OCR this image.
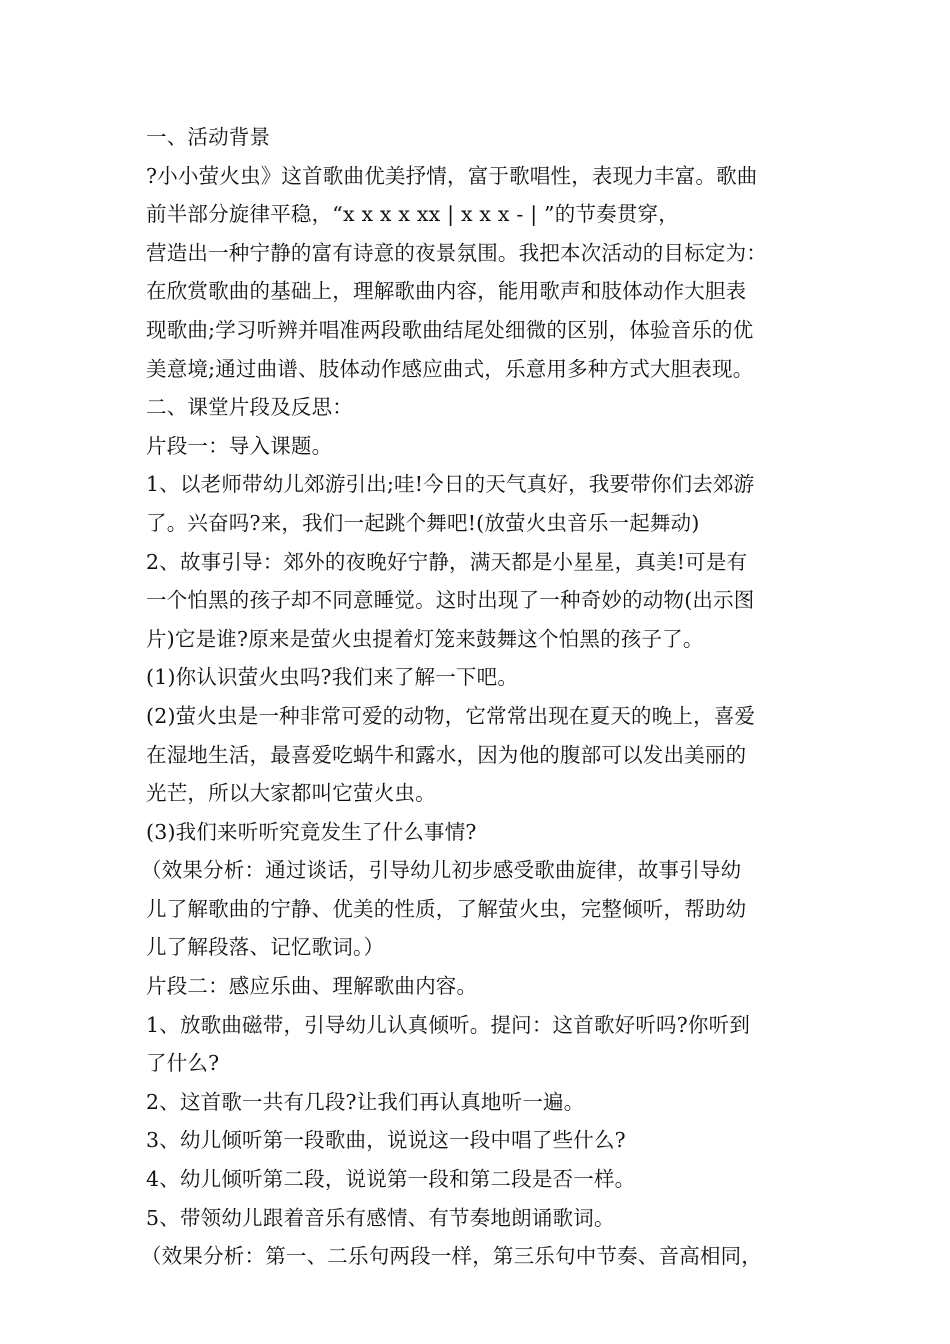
一、活动背景
?小小萤火虫》这首歌曲优美抒情，富于歌唱性，表现力丰富。歌曲
前半部分旋律平稳，“x x x x xx | x x x - | ”的节奏贯穿，
营造出一种宁静的富有诗意的夜景氛围。我把本次活动的目标定为：
在欣赏歌曲的基础上，理解歌曲内容，能用歌声和肢体动作大胆表
现歌曲;学习听辨并唱准两段歌曲结尾处细微的区别，体验音乐的优
美意境;通过曲谱、肢体动作感应曲式，乐意用多种方式大胆表现。
二、课堂片段及反思：
片段一：导入课题。
1、以老师带幼儿郊游引出;哇!今日的天气真好，我要带你们去郊游
了。兴奋吗?来，我们一起跳个舞吧!(放萤火虫音乐一起舞动)
2、故事引导：郊外的夜晚好宁静，满天都是小星星，真美!可是有
一个怕黑的孩子却不同意睡觉。这时出现了一种奇妙的动物(出示图
片)它是谁?原来是萤火虫提着灯笼来鼓舞这个怕黑的孩子了。
(1)你认识萤火虫吗?我们来了解一下吧。
(2)萤火虫是一种非常可爱的动物，它常常出现在夏天的晚上，喜爱
在湿地生活，最喜爱吃蜗牛和露水，因为他的腹部可以发出美丽的
光芒，所以大家都叫它萤火虫。
(3)我们来听听究竟发生了什么事情?
（效果分析：通过谈话，引导幼儿初步感受歌曲旋律，故事引导幼
儿了解歌曲的宁静、优美的性质，了解萤火虫，完整倾听，帮助幼
儿了解段落、记忆歌词。）
片段二：感应乐曲、理解歌曲内容。
1、放歌曲磁带，引导幼儿认真倾听。提问：这首歌好听吗?你听到
了什么?
2、这首歌一共有几段?让我们再认真地听一遍。
3、幼儿倾听第一段歌曲，说说这一段中唱了些什么?
4、幼儿倾听第二段，说说第一段和第二段是否一样。
5、带领幼儿跟着音乐有感情、有节奏地朗诵歌词。
（效果分析：第一、二乐句两段一样，第三乐句中节奏、音高相同，
